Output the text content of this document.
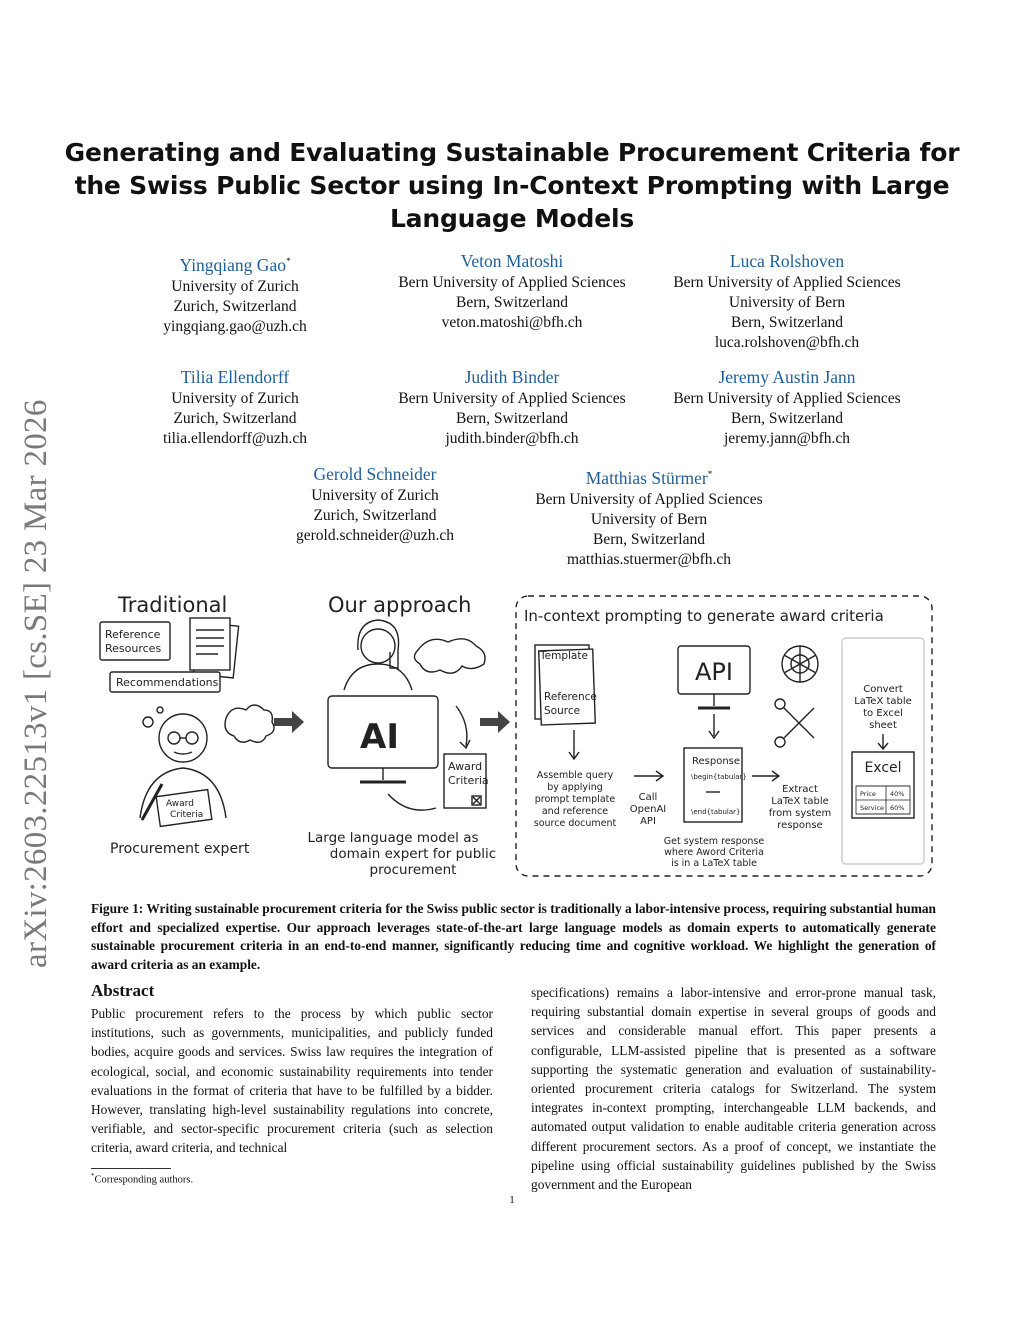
arXiv:2603.22513v1 [cs.SE] 23 Mar 2026
Generating and Evaluating Sustainable Procurement Criteria for the Swiss Public Sector using In-Context Prompting with Large Language Models
Yingqiang Gao*
University of Zurich
Zurich, Switzerland
yingqiang.gao@uzh.ch
Veton Matoshi
Bern University of Applied Sciences
Bern, Switzerland
veton.matoshi@bfh.ch
Luca Rolshoven
Bern University of Applied Sciences
University of Bern
Bern, Switzerland
luca.rolshoven@bfh.ch
Tilia Ellendorff
University of Zurich
Zurich, Switzerland
tilia.ellendorff@uzh.ch
Judith Binder
Bern University of Applied Sciences
Bern, Switzerland
judith.binder@bfh.ch
Jeremy Austin Jann
Bern University of Applied Sciences
Bern, Switzerland
jeremy.jann@bfh.ch
Gerold Schneider
University of Zurich
Zurich, Switzerland
gerold.schneider@uzh.ch
Matthias Stürmer*
Bern University of Applied Sciences
University of Bern
Bern, Switzerland
matthias.stuermer@bfh.ch
Traditional
Reference
Resources
Recommendations
Award
Criteria
Procurement expert
Our approach
AI
Award
Criteria
Large language model as
domain expert for public
procurement
In-context prompting to generate award criteria
Template
Reference
Source
Assemble query
by applying
prompt template
and reference
source document
Call
OpenAI
API
API
Response
\begin{tabular}
\end{tabular}
Get system response
where Aword Criteria
is in a LaTeX table
Extract
LaTeX table
from system
response
Convert
LaTeX table
to Excel
sheet
Excel
Price 40%
Service 60%
Figure 1: Writing sustainable procurement criteria for the Swiss public sector is traditionally a labor-intensive process, requiring substantial human effort and specialized expertise. Our approach leverages state-of-the-art large language models as domain experts to automatically generate sustainable procurement criteria in an end-to-end manner, significantly reducing time and cognitive workload. We highlight the generation of award criteria as an example.
Abstract
Public procurement refers to the process by which public sector institutions, such as governments, municipalities, and publicly funded bodies, acquire goods and services. Swiss law requires the integration of ecological, social, and economic sustainability requirements into tender evaluations in the format of criteria that have to be fulfilled by a bidder. However, translating high-level sustainability regulations into concrete, verifiable, and sector-specific procurement criteria (such as selection criteria, award criteria, and technical
specifications) remains a labor-intensive and error-prone manual task, requiring substantial domain expertise in several groups of goods and services and considerable manual effort. This paper presents a configurable, LLM-assisted pipeline that is presented as a software supporting the systematic generation and evaluation of sustainability-oriented procurement criteria catalogs for Switzerland. The system integrates in-context prompting, interchangeable LLM backends, and automated output validation to enable auditable criteria generation across different procurement sectors. As a proof of concept, we instantiate the pipeline using official sustainability guidelines published by the Swiss government and the European
*Corresponding authors.
1
